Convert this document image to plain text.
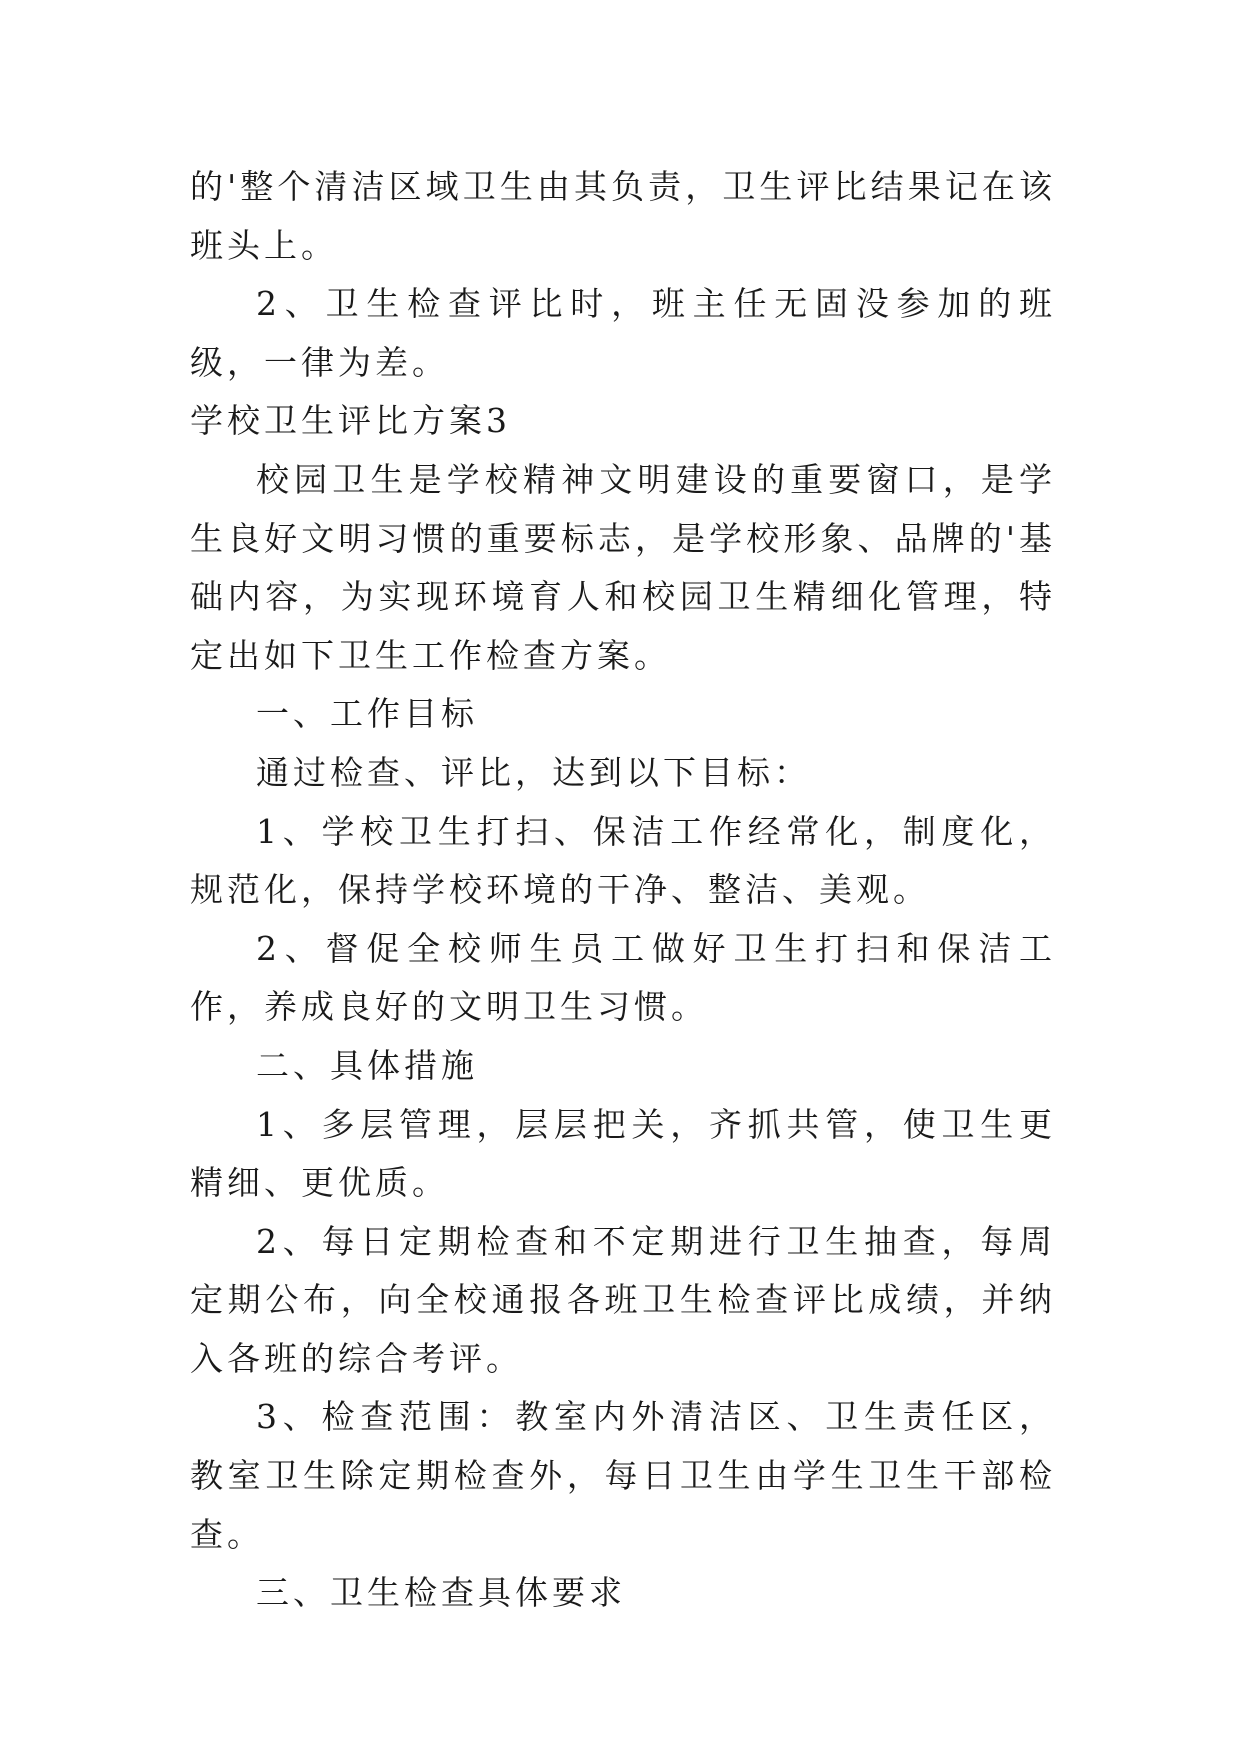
的'整个清洁区域卫生由其负责，卫生评比结果记在该班头上。

2、卫生检查评比时，班主任无固没参加的班级，一律为差。

学校卫生评比方案3

校园卫生是学校精神文明建设的重要窗口，是学生良好文明习惯的重要标志，是学校形象、品牌的'基础内容，为实现环境育人和校园卫生精细化管理，特定出如下卫生工作检查方案。

一、工作目标

通过检查、评比，达到以下目标：

1、学校卫生打扫、保洁工作经常化，制度化，规范化，保持学校环境的干净、整洁、美观。

2、督促全校师生员工做好卫生打扫和保洁工作，养成良好的文明卫生习惯。

二、具体措施

1、多层管理，层层把关，齐抓共管，使卫生更精细、更优质。

2、每日定期检查和不定期进行卫生抽查，每周定期公布，向全校通报各班卫生检查评比成绩，并纳入各班的综合考评。

3、检查范围：教室内外清洁区、卫生责任区，教室卫生除定期检查外，每日卫生由学生卫生干部检查。

三、卫生检查具体要求
